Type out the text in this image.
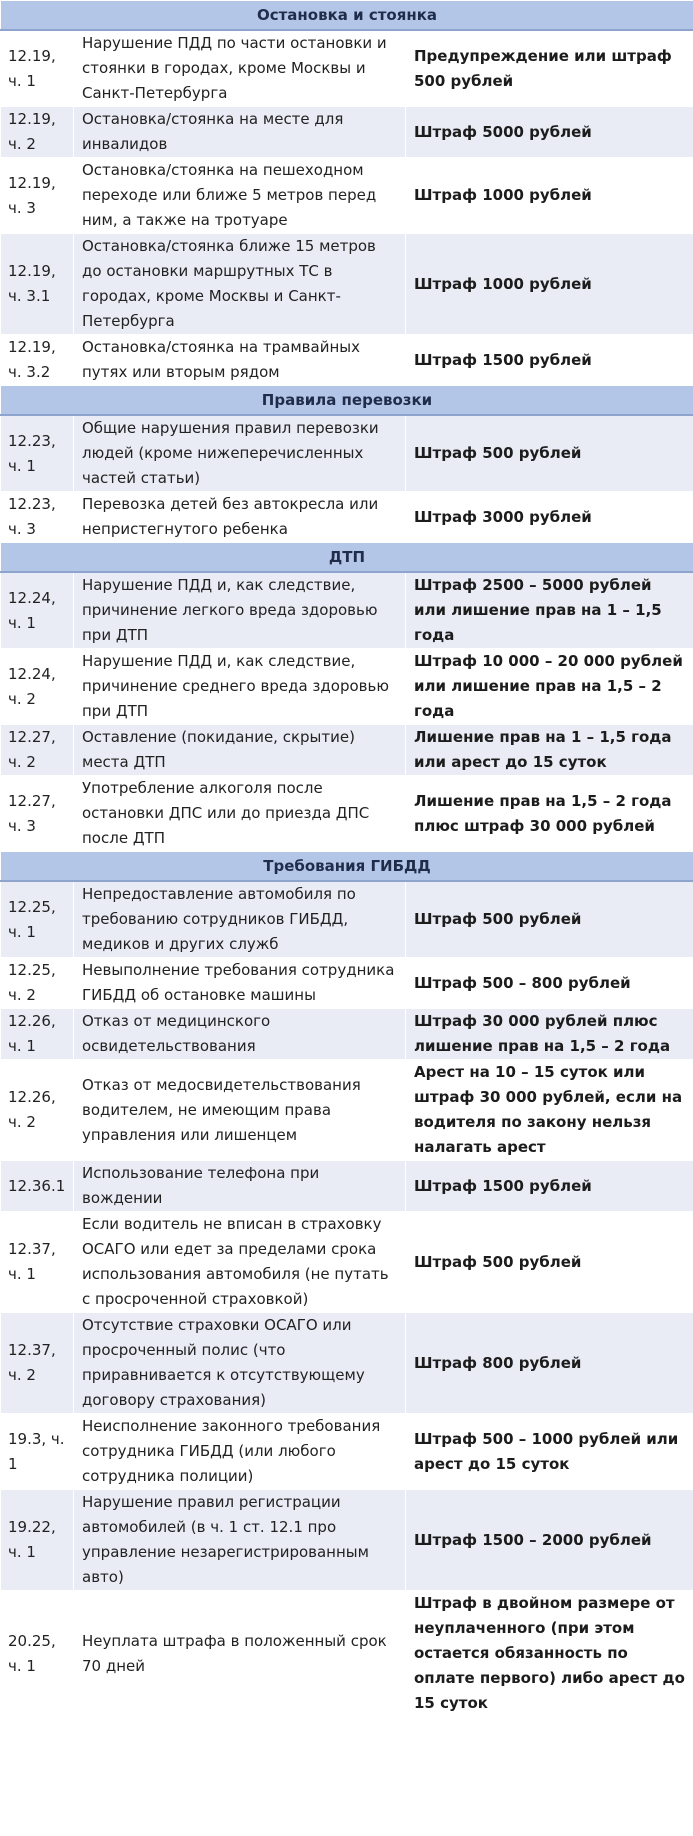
Остановка и стоянка		
12.19, ч. 1	Нарушение ПДД по части остановки и стоянки в городах, кроме Москвы и Санкт-Петербурга	Предупреждение или штраф 500 рублей
12.19, ч. 2	Остановка/стоянка на месте для инвалидов	Штраф 5000 рублей
12.19, ч. 3	Остановка/стоянка на пешеходном переходе или ближе 5 метров перед ним, а также на тротуаре	Штраф 1000 рублей
12.19, ч. 3.1	Остановка/стоянка ближе 15 метров до остановки маршрутных ТС в городах, кроме Москвы и Санкт-Петербурга	Штраф 1000 рублей
12.19, ч. 3.2	Остановка/стоянка на трамвайных путях или вторым рядом	Штраф 1500 рублей
Правила перевозки		
12.23, ч. 1	Общие нарушения правил перевозки людей (кроме нижеперечисленных частей статьи)	Штраф 500 рублей
12.23, ч. 3	Перевозка детей без автокресла или непристегнутого ребенка	Штраф 3000 рублей
ДТП		
12.24, ч. 1	Нарушение ПДД и, как следствие, причинение легкого вреда здоровью при ДТП	Штраф 2500 – 5000 рублей или лишение прав на 1 – 1,5 года
12.24, ч. 2	Нарушение ПДД и, как следствие, причинение среднего вреда здоровью при ДТП	Штраф 10 000 – 20 000 рублей или лишение прав на 1,5 – 2 года
12.27, ч. 2	Оставление (покидание, скрытие) места ДТП	Лишение прав на 1 – 1,5 года или арест до 15 суток
12.27, ч. 3	Употребление алкоголя после остановки ДПС или до приезда ДПС после ДТП	Лишение прав на 1,5 – 2 года плюс штраф 30 000 рублей
Требования ГИБДД		
12.25, ч. 1	Непредоставление автомобиля по требованию сотрудников ГИБДД, медиков и других служб	Штраф 500 рублей
12.25, ч. 2	Невыполнение требования сотрудника ГИБДД об остановке машины	Штраф 500 – 800 рублей
12.26, ч. 1	Отказ от медицинского освидетельствования	Штраф 30 000 рублей плюс лишение прав на 1,5 – 2 года
12.26, ч. 2	Отказ от медосвидетельствования водителем, не имеющим права управления или лишенцем	Арест на 10 – 15 суток или штраф 30 000 рублей, если на водителя по закону нельзя налагать арест
12.36.1	Использование телефона при вождении	Штраф 1500 рублей
12.37, ч. 1	Если водитель не вписан в страховку ОСАГО или едет за пределами срока использования автомобиля (не путать с просроченной страховкой)	Штраф 500 рублей
12.37, ч. 2	Отсутствие страховки ОСАГО или просроченный полис (что приравнивается к отсутствующему договору страхования)	Штраф 800 рублей
19.3, ч. 1	Неисполнение законного требования сотрудника ГИБДД (или любого сотрудника полиции)	Штраф 500 – 1000 рублей или арест до 15 суток
19.22, ч. 1	Нарушение правил регистрации автомобилей (в ч. 1 ст. 12.1 про управление незарегистрированным авто)	Штраф 1500 – 2000 рублей
20.25, ч. 1	Неуплата штрафа в положенный срок 70 дней	Штраф в двойном размере от неуплаченного (при этом остается обязанность по оплате первого) либо арест до 15 суток
